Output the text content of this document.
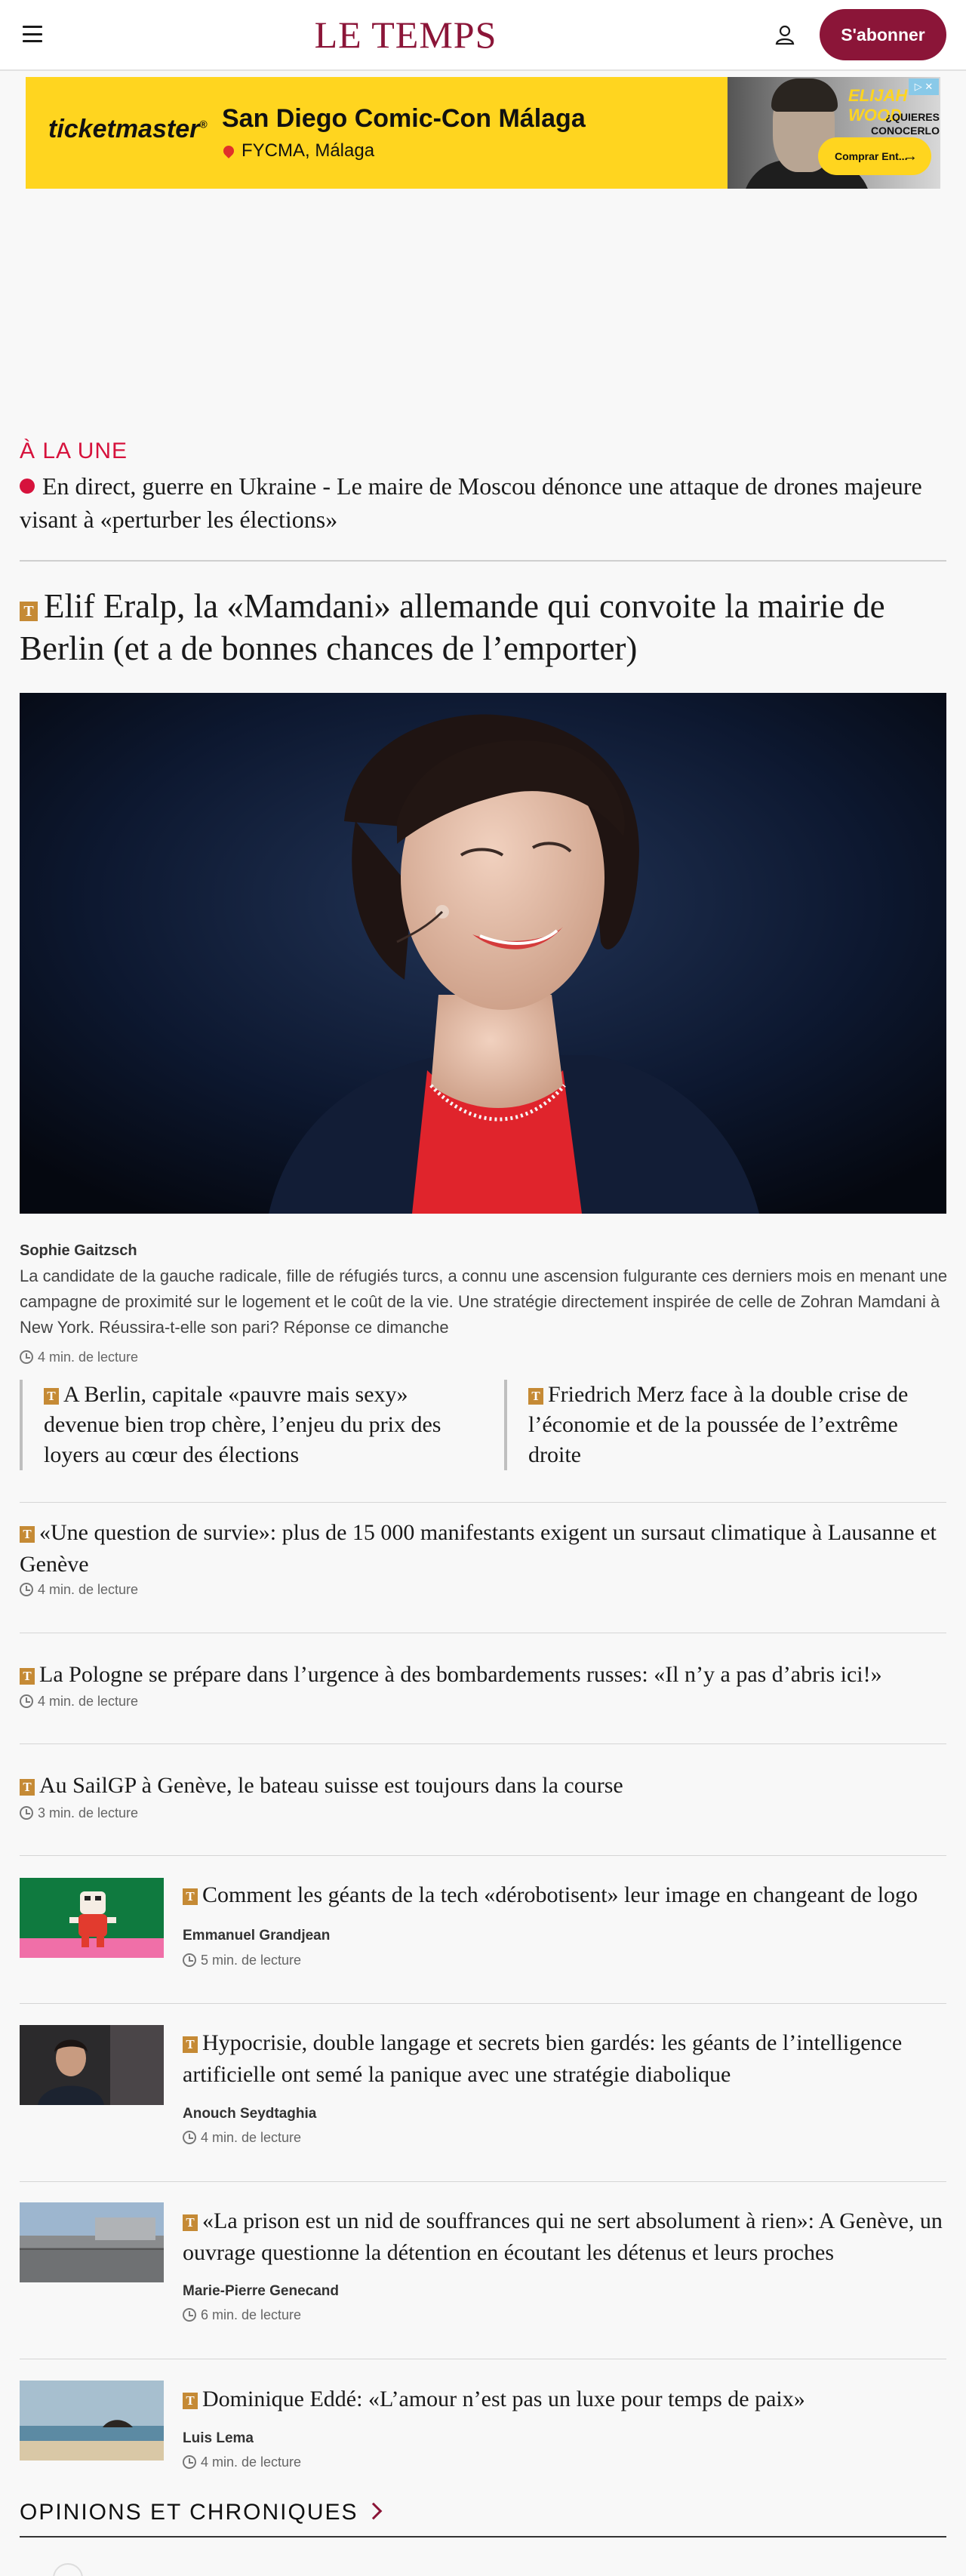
LE TEMPS	S'abonner
ticketmaster® San Diego Comic-Con Málaga
FYCMA, Málaga
ELIJAH WOOD
¿QUIERES
CONOCERLO
Comprar Ent...
→
▷ ✕
À LA UNE
En direct, guerre en Ukraine - Le maire de Moscou dénonce une attaque de drones majeure visant à «perturber les élections»
T Elif Eralp, la «Mamdani» allemande qui convoite la mairie de Berlin (et a de bonnes chances de l’emporter)
Sophie Gaitzsch
La candidate de la gauche radicale, fille de réfugiés turcs, a connu une ascension fulgurante ces derniers mois en menant une campagne de proximité sur le logement et le coût de la vie. Une stratégie directement inspirée de celle de Zohran Mamdani à New York. Réussira-t-elle son pari? Réponse ce dimanche
4 min. de lecture
T A Berlin, capitale «pauvre mais sexy» devenue bien trop chère, l’enjeu du prix des loyers au cœur des élections
T Friedrich Merz face à la double crise de l’économie et de la poussée de l’extrême droite
T «Une question de survie»: plus de 15 000 manifestants exigent un sursaut climatique à Lausanne et Genève
4 min. de lecture
T La Pologne se prépare dans l’urgence à des bombardements russes: «Il n’y a pas d’abris ici!»
4 min. de lecture
T Au SailGP à Genève, le bateau suisse est toujours dans la course
3 min. de lecture
T Comment les géants de la tech «dérobotisent» leur image en changeant de logo
Emmanuel Grandjean
5 min. de lecture
T Hypocrisie, double langage et secrets bien gardés: les géants de l’intelligence artificielle ont semé la panique avec une stratégie diabolique
Anouch Seydtaghia
4 min. de lecture
T «La prison est un nid de souffrances qui ne sert absolument à rien»: A Genève, un ouvrage questionne la détention en écoutant les détenus et leurs proches
Marie-Pierre Genecand
6 min. de lecture
T Dominique Eddé: «L’amour n’est pas un luxe pour temps de paix»
Luis Lema
4 min. de lecture
OPINIONS ET CHRONIQUES
